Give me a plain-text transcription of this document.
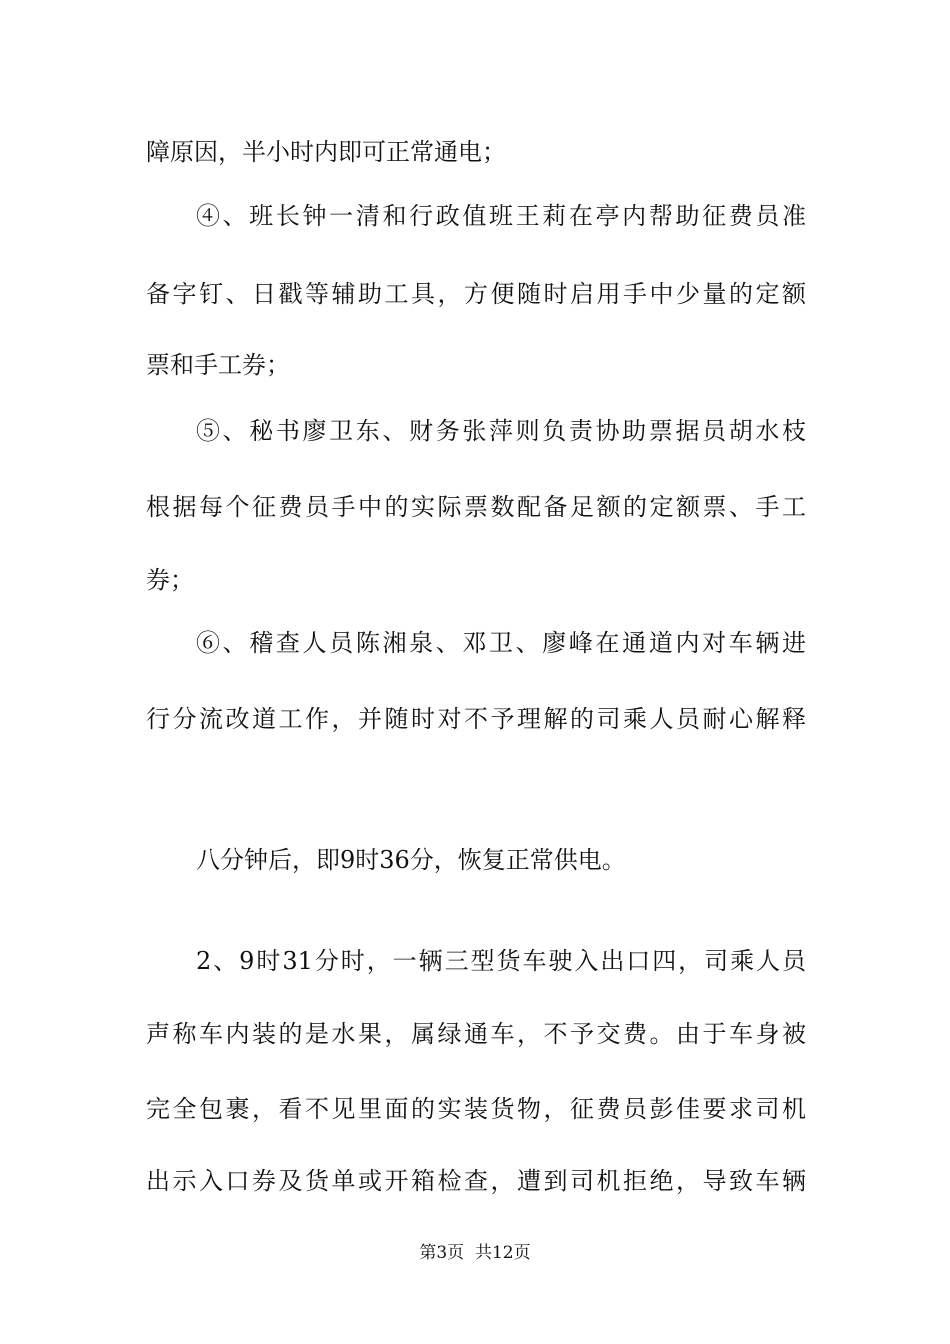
障原因，半小时内即可正常通电；
④、班长钟一清和行政值班王莉在亭内帮助征费员准
备字钉、日戳等辅助工具，方便随时启用手中少量的定额
票和手工券；
⑤、秘书廖卫东、财务张萍则负责协助票据员胡水枝
根据每个征费员手中的实际票数配备足额的定额票、手工
券；
⑥、稽查人员陈湘泉、邓卫、廖峰在通道内对车辆进
行分流改道工作，并随时对不予理解的司乘人员耐心解释
八分钟后，即9时36分，恢复正常供电。
2、9时31分时，一辆三型货车驶入出口四，司乘人员
声称车内装的是水果，属绿通车，不予交费。由于车身被
完全包裹，看不见里面的实装货物，征费员彭佳要求司机
出示入口券及货单或开箱检查，遭到司机拒绝，导致车辆
第3页  共12页
